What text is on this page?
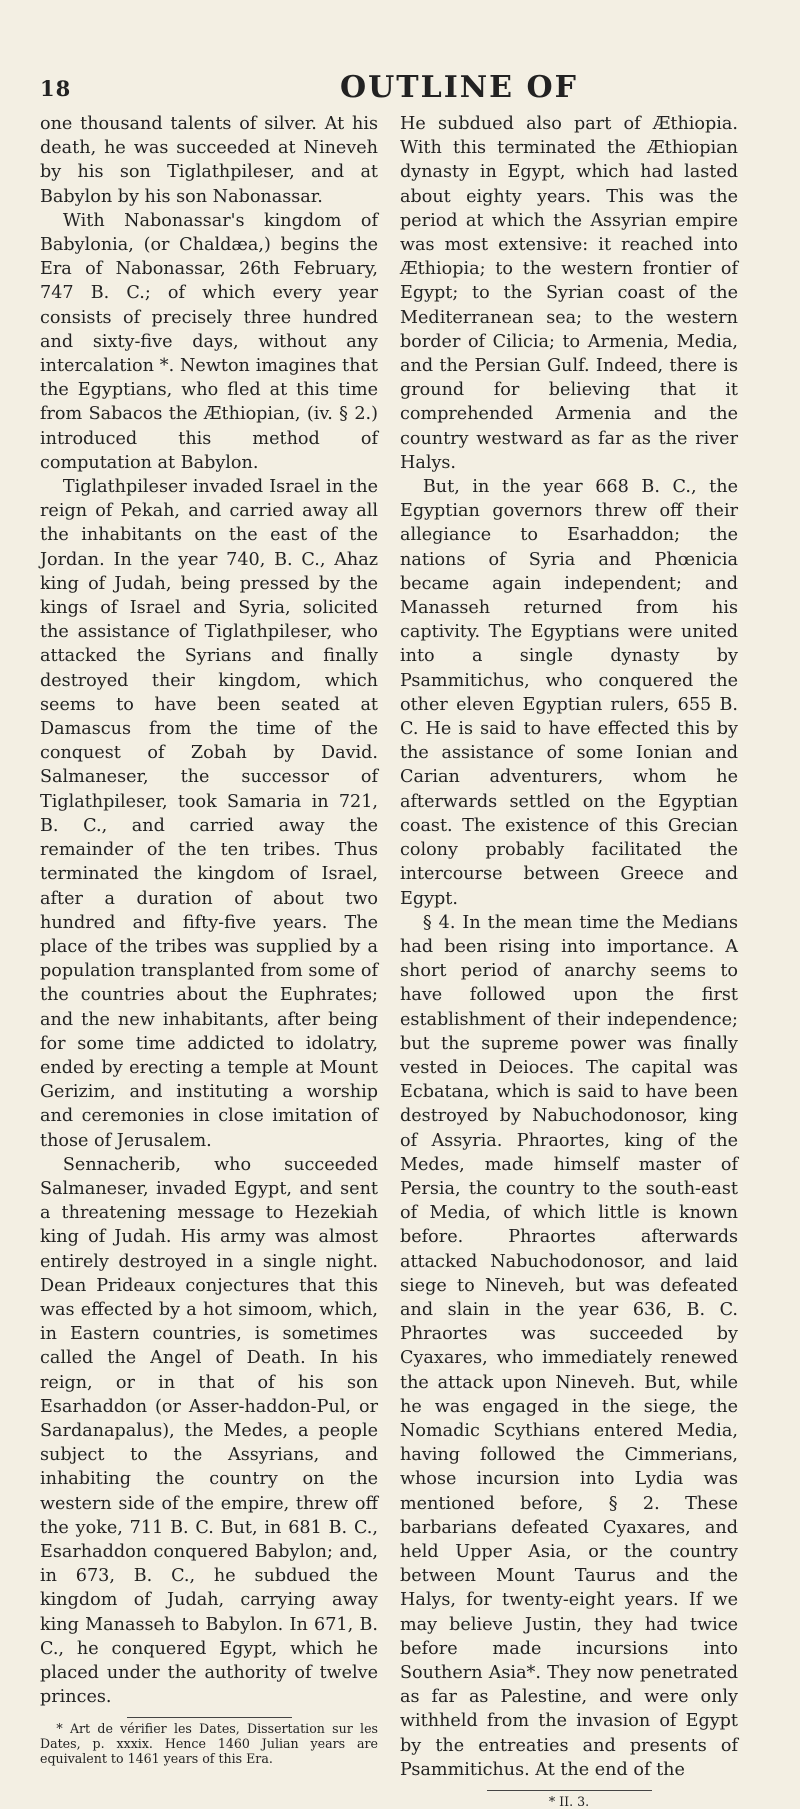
18	OUTLINE OF

one thousand talents of silver. At his death, he was succeeded at Nineveh by his son Tiglathpileser, and at Babylon by his son Nabonassar.

With Nabonassar's kingdom of Babylonia, (or Chaldæa,) begins the Era of Nabonassar, 26th February, 747 B. C.; of which every year consists of precisely three hundred and sixty-five days, without any intercalation *. Newton imagines that the Egyptians, who fled at this time from Sabacos the Æthiopian, (iv. § 2.) introduced this method of computation at Babylon.

Tiglathpileser invaded Israel in the reign of Pekah, and carried away all the inhabitants on the east of the Jordan. In the year 740, B. C., Ahaz king of Judah, being pressed by the kings of Israel and Syria, solicited the assistance of Tiglathpileser, who attacked the Syrians and finally destroyed their kingdom, which seems to have been seated at Damascus from the time of the conquest of Zobah by David. Salmaneser, the successor of Tiglathpileser, took Samaria in 721, B. C., and carried away the remainder of the ten tribes. Thus terminated the kingdom of Israel, after a duration of about two hundred and fifty-five years. The place of the tribes was supplied by a population transplanted from some of the countries about the Euphrates; and the new inhabitants, after being for some time addicted to idolatry, ended by erecting a temple at Mount Gerizim, and instituting a worship and ceremonies in close imitation of those of Jerusalem.

Sennacherib, who succeeded Salmaneser, invaded Egypt, and sent a threatening message to Hezekiah king of Judah. His army was almost entirely destroyed in a single night. Dean Prideaux conjectures that this was effected by a hot simoom, which, in Eastern countries, is sometimes called the Angel of Death. In his reign, or in that of his son Esarhaddon (or Asser-haddon-Pul, or Sardanapalus), the Medes, a people subject to the Assyrians, and inhabiting the country on the western side of the empire, threw off the yoke, 711 B. C. But, in 681 B. C., Esarhaddon conquered Babylon; and, in 673, B. C., he subdued the kingdom of Judah, carrying away king Manasseh to Babylon. In 671, B. C., he conquered Egypt, which he placed under the authority of twelve princes.

* Art de vérifier les Dates, Dissertation sur les Dates, p. xxxix. Hence 1460 Julian years are equivalent to 1461 years of this Era.

He subdued also part of Æthiopia. With this terminated the Æthiopian dynasty in Egypt, which had lasted about eighty years. This was the period at which the Assyrian empire was most extensive: it reached into Æthiopia; to the western frontier of Egypt; to the Syrian coast of the Mediterranean sea; to the western border of Cilicia; to Armenia, Media, and the Persian Gulf. Indeed, there is ground for believing that it comprehended Armenia and the country westward as far as the river Halys.

But, in the year 668 B. C., the Egyptian governors threw off their allegiance to Esarhaddon; the nations of Syria and Phœnicia became again independent; and Manasseh returned from his captivity. The Egyptians were united into a single dynasty by Psammitichus, who conquered the other eleven Egyptian rulers, 655 B. C. He is said to have effected this by the assistance of some Ionian and Carian adventurers, whom he afterwards settled on the Egyptian coast. The existence of this Grecian colony probably facilitated the intercourse between Greece and Egypt.

§ 4. In the mean time the Medians had been rising into importance. A short period of anarchy seems to have followed upon the first establishment of their independence; but the supreme power was finally vested in Deioces. The capital was Ecbatana, which is said to have been destroyed by Nabuchodonosor, king of Assyria. Phraortes, king of the Medes, made himself master of Persia, the country to the south-east of Media, of which little is known before. Phraortes afterwards attacked Nabuchodonosor, and laid siege to Nineveh, but was defeated and slain in the year 636, B. C. Phraortes was succeeded by Cyaxares, who immediately renewed the attack upon Nineveh. But, while he was engaged in the siege, the Nomadic Scythians entered Media, having followed the Cimmerians, whose incursion into Lydia was mentioned before, § 2. These barbarians defeated Cyaxares, and held Upper Asia, or the country between Mount Taurus and the Halys, for twenty-eight years. If we may believe Justin, they had twice before made incursions into Southern Asia*. They now penetrated as far as Palestine, and were only withheld from the invasion of Egypt by the entreaties and presents of Psammitichus. At the end of the

* II. 3.
